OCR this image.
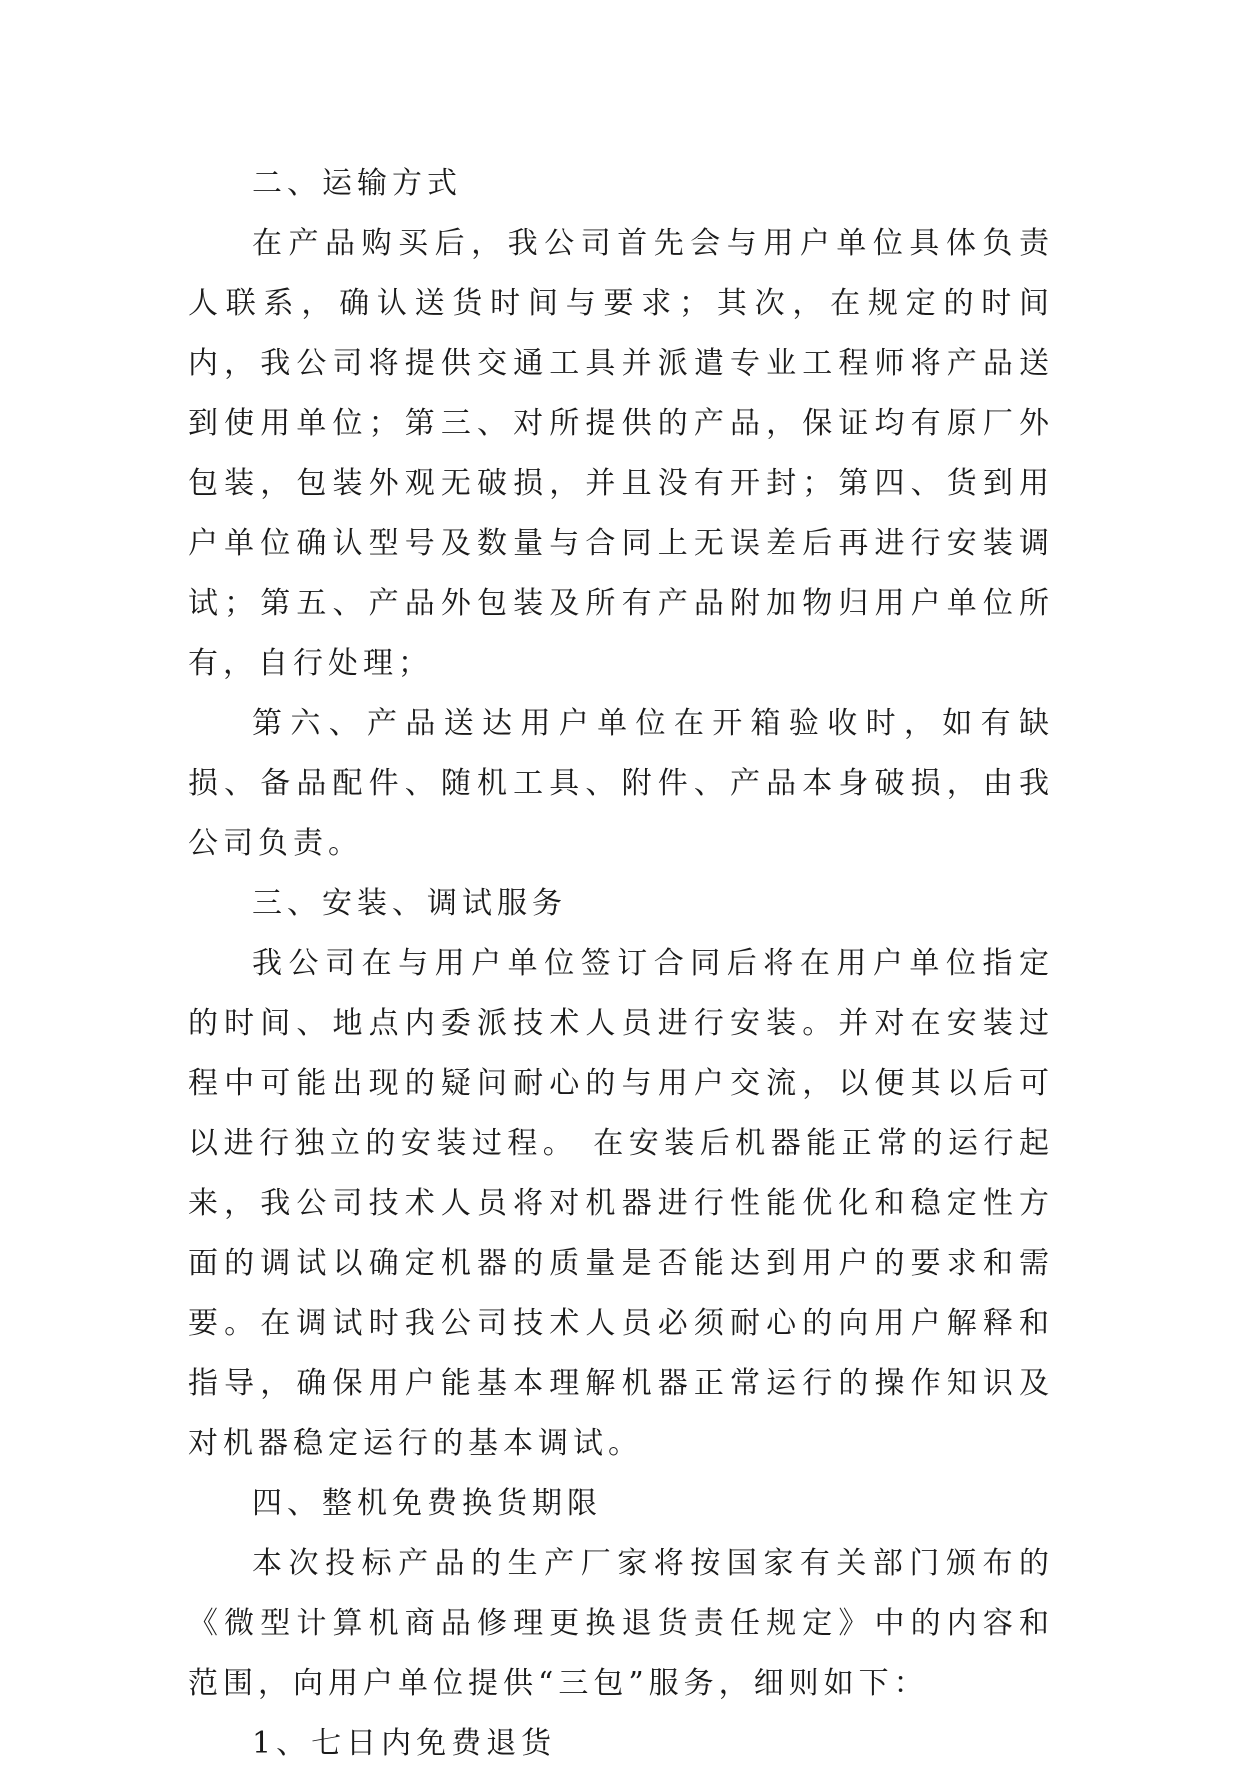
二、运输方式

在产品购买后，我公司首先会与用户单位具体负责人联系，确认送货时间与要求；其次，在规定的时间内，我公司将提供交通工具并派遣专业工程师将产品送到使用单位；第三、对所提供的产品，保证均有原厂外包装，包装外观无破损，并且没有开封；第四、货到用户单位确认型号及数量与合同上无误差后再进行安装调试；第五、产品外包装及所有产品附加物归用户单位所有，自行处理；

第六、产品送达用户单位在开箱验收时，如有缺损、备品配件、随机工具、附件、产品本身破损，由我公司负责。

三、安装、调试服务

我公司在与用户单位签订合同后将在用户单位指定的时间、地点内委派技术人员进行安装。并对在安装过程中可能出现的疑问耐心的与用户交流，以便其以后可以进行独立的安装过程。 在安装后机器能正常的运行起来，我公司技术人员将对机器进行性能优化和稳定性方面的调试以确定机器的质量是否能达到用户的要求和需要。在调试时我公司技术人员必须耐心的向用户解释和指导，确保用户能基本理解机器正常运行的操作知识及对机器稳定运行的基本调试。

四、整机免费换货期限

本次投标产品的生产厂家将按国家有关部门颁布的《微型计算机商品修理更换退货责任规定》中的内容和范围，向用户单位提供“三包”服务，细则如下：

1、七日内免费退货
